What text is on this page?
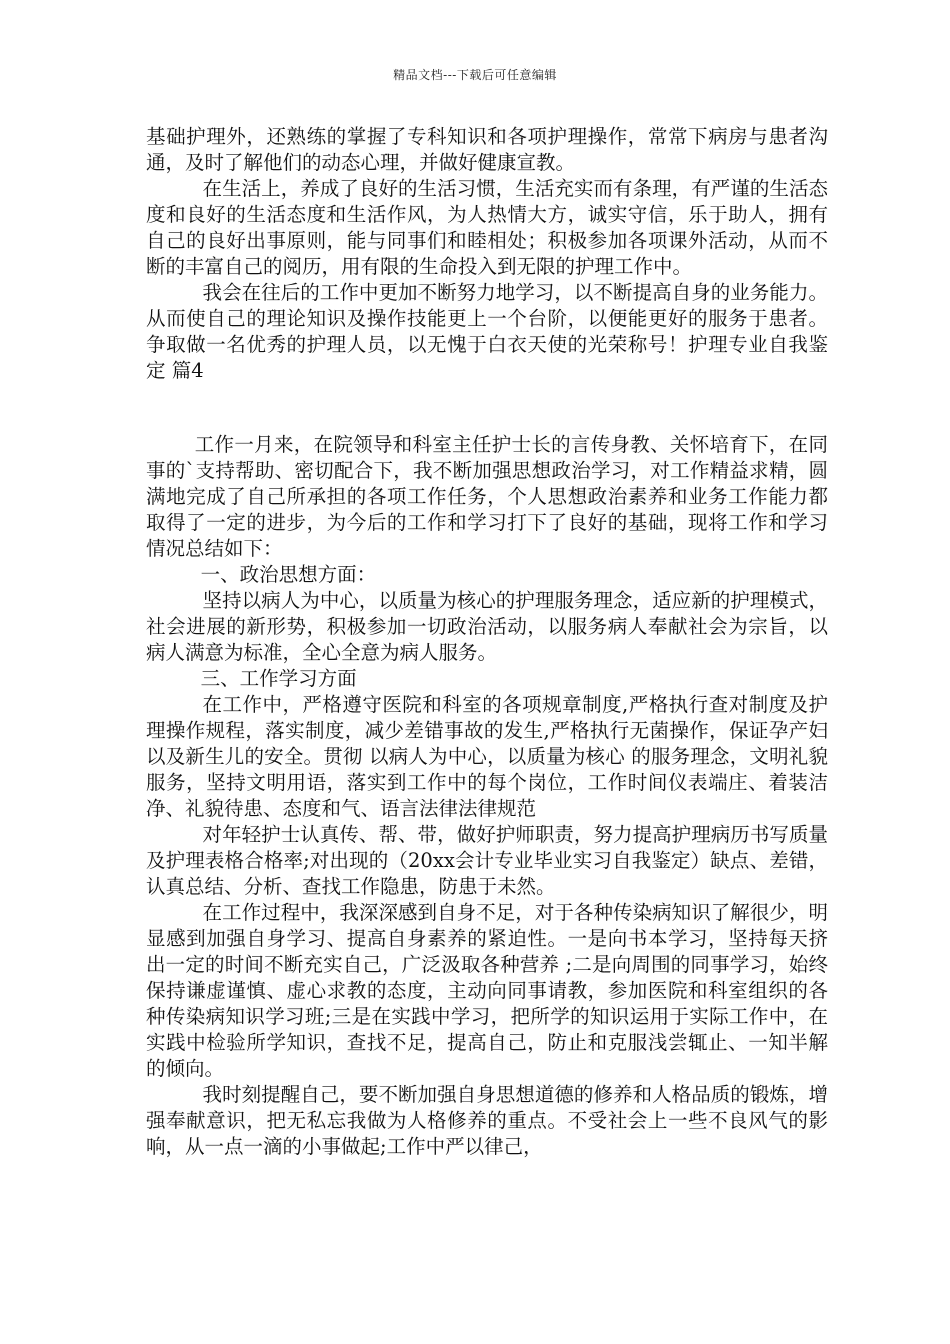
精品文档---下载后可任意编辑

基础护理外，还熟练的掌握了专科知识和各项护理操作，常常下病房与患者沟通，及时了解他们的动态心理，并做好健康宣教。

在生活上，养成了良好的生活习惯，生活充实而有条理，有严谨的生活态度和良好的生活态度和生活作风，为人热情大方，诚实守信，乐于助人，拥有自己的良好出事原则，能与同事们和睦相处；积极参加各项课外活动，从而不断的丰富自己的阅历，用有限的生命投入到无限的护理工作中。

我会在往后的工作中更加不断努力地学习，以不断提高自身的业务能力。从而使自己的理论知识及操作技能更上一个台阶，以便能更好的服务于患者。争取做一名优秀的护理人员，以无愧于白衣天使的光荣称号！护理专业自我鉴定 篇4

工作一月来，在院领导和科室主任护士长的言传身教、关怀培育下，在同事的`支持帮助、密切配合下，我不断加强思想政治学习，对工作精益求精，圆满地完成了自己所承担的各项工作任务，个人思想政治素养和业务工作能力都取得了一定的进步，为今后的工作和学习打下了良好的基础，现将工作和学习情况总结如下：

一、政治思想方面：

坚持以病人为中心，以质量为核心的护理服务理念，适应新的护理模式，社会进展的新形势，积极参加一切政治活动，以服务病人奉献社会为宗旨，以病人满意为标准，全心全意为病人服务。

三、工作学习方面

在工作中，严格遵守医院和科室的各项规章制度,严格执行查对制度及护理操作规程，落实制度，减少差错事故的发生,严格执行无菌操作，保证孕产妇以及新生儿的安全。贯彻 以病人为中心，以质量为核心 的服务理念，文明礼貌服务，坚持文明用语，落实到工作中的每个岗位，工作时间仪表端庄、着装洁净、礼貌待患、态度和气、语言法律法律规范

对年轻护士认真传、帮、带，做好护师职责，努力提高护理病历书写质量及护理表格合格率;对出现的（20xx会计专业毕业实习自我鉴定）缺点、差错，认真总结、分析、查找工作隐患，防患于未然。

在工作过程中，我深深感到自身不足，对于各种传染病知识了解很少，明显感到加强自身学习、提高自身素养的紧迫性。一是向书本学习，坚持每天挤出一定的时间不断充实自己，广泛汲取各种营养 ;二是向周围的同事学习，始终保持谦虚谨慎、虚心求教的态度，主动向同事请教，参加医院和科室组织的各种传染病知识学习班;三是在实践中学习，把所学的知识运用于实际工作中，在实践中检验所学知识，查找不足，提高自己，防止和克服浅尝辄止、一知半解的倾向。

我时刻提醒自己，要不断加强自身思想道德的修养和人格品质的锻炼，增强奉献意识，把无私忘我做为人格修养的重点。不受社会上一些不良风气的影响，从一点一滴的小事做起;工作中严以律己，
